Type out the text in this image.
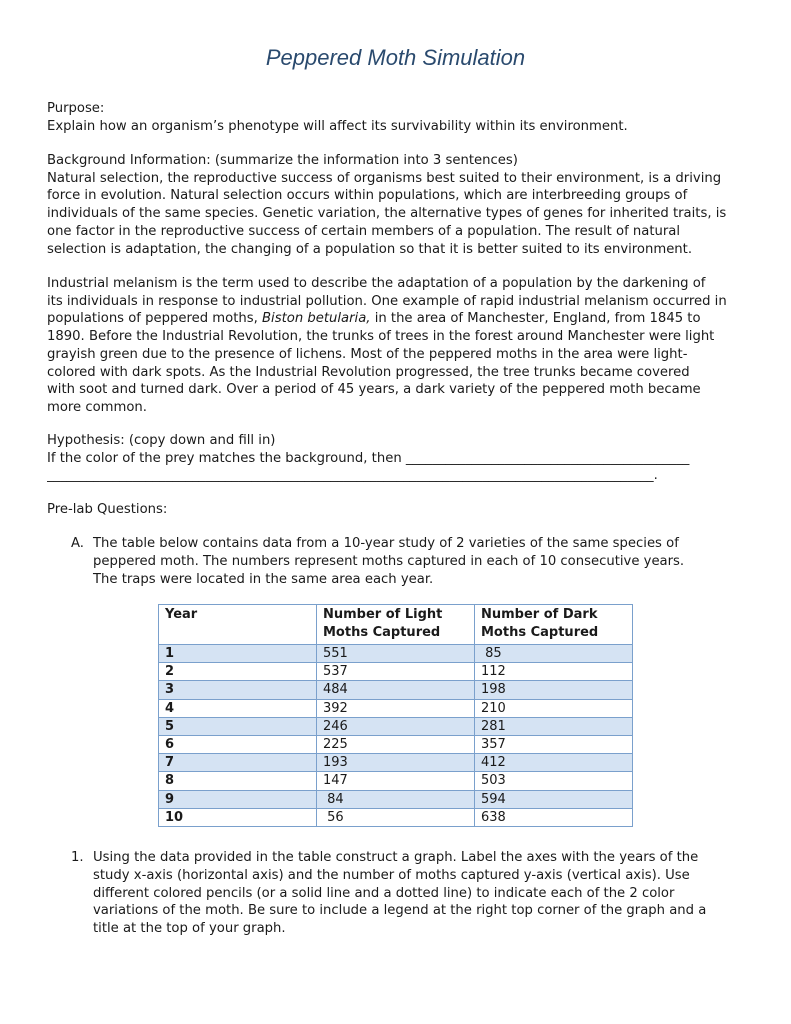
Peppered Moth Simulation

Purpose:

Explain how an organism’s phenotype will affect its survivability within its environment.

Background Information: (summarize the information into 3 sentences)

Natural selection, the reproductive success of organisms best suited to their environment, is a driving

force in evolution. Natural selection occurs within populations, which are interbreeding groups of

individuals of the same species. Genetic variation, the alternative types of genes for inherited traits, is

one factor in the reproductive success of certain members of a population. The result of natural

selection is adaptation, the changing of a population so that it is better suited to its environment.

Industrial melanism is the term used to describe the adaptation of a population by the darkening of

its individuals in response to industrial pollution. One example of rapid industrial melanism occurred in

populations of peppered moths, Biston betularia, in the area of Manchester, England, from 1845 to

1890. Before the Industrial Revolution, the trunks of trees in the forest around Manchester were light

grayish green due to the presence of lichens. Most of the peppered moths in the area were light-

colored with dark spots. As the Industrial Revolution progressed, the tree trunks became covered

with soot and turned dark. Over a period of 45 years, a dark variety of the peppered moth became

more common.

Hypothesis: (copy down and fill in)

If the color of the prey matches the background, then ___________________________________________

____________________________________________________________________________________________.

Pre-lab Questions:

A. The table below contains data from a 10-year study of 2 varieties of the same species of

peppered moth. The numbers represent moths captured in each of 10 consecutive years.

The traps were located in the same area each year.

Year	Number of Light Moths Captured	Number of Dark Moths Captured
1	551	85
2	537	112
3	484	198
4	392	210
5	246	281
6	225	357
7	193	412
8	147	503
9	84	594
10	56	638
1. Using the data provided in the table construct a graph. Label the axes with the years of the

study x-axis (horizontal axis) and the number of moths captured y-axis (vertical axis). Use

different colored pencils (or a solid line and a dotted line) to indicate each of the 2 color

variations of the moth. Be sure to include a legend at the right top corner of the graph and a

title at the top of your graph.
